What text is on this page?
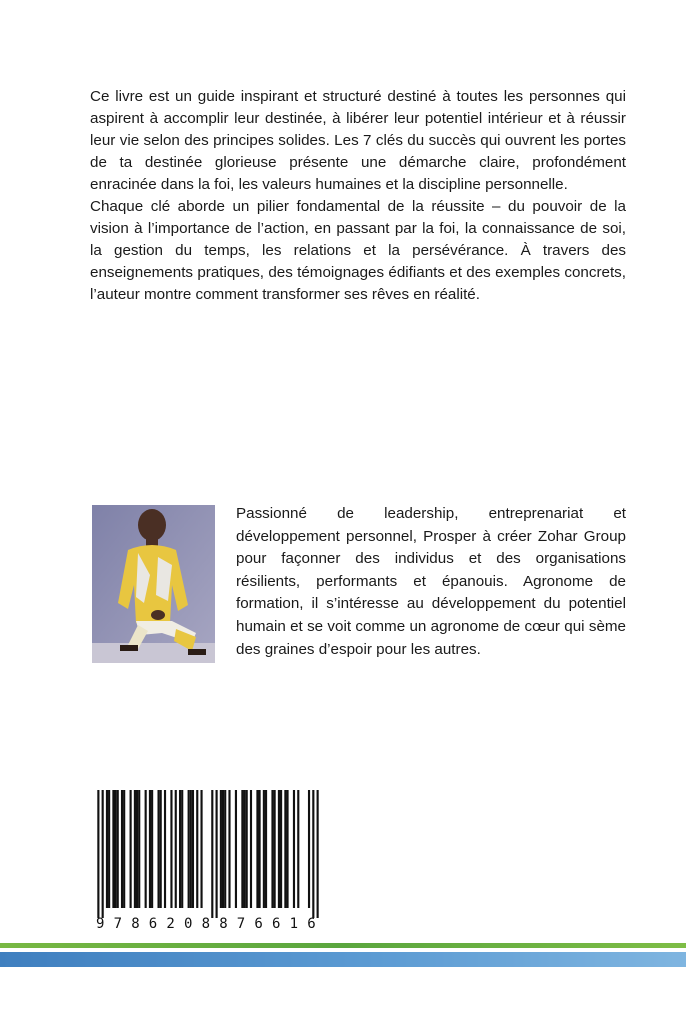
Ce livre est un guide inspirant et structuré destiné à toutes les personnes qui aspirent à accomplir leur destinée, à libérer leur potentiel intérieur et à réussir leur vie selon des principes solides. Les 7 clés du succès qui ouvrent les portes de ta destinée glorieuse présente une démarche claire, profondément enracinée dans la foi, les valeurs humaines et la discipline personnelle.

Chaque clé aborde un pilier fondamental de la réussite – du pouvoir de la vision à l’importance de l’action, en passant par la foi, la connaissance de soi, la gestion du temps, les relations et la persévérance. À travers des enseignements pratiques, des témoignages édifiants et des exemples concrets, l’auteur montre comment transformer ses rêves en réalité.

Passionné de leadership, entreprenariat et développement personnel, Prosper à créer Zohar Group pour façonner des individus et des organisations résilients, performants et épanouis. Agronome de formation, il s’intéresse au développement du potentiel humain et se voit comme un agronome de cœur qui sème des graines d’espoir pour les autres.

9 7 8 6 2 0 8 8 7 6 6 1 6
